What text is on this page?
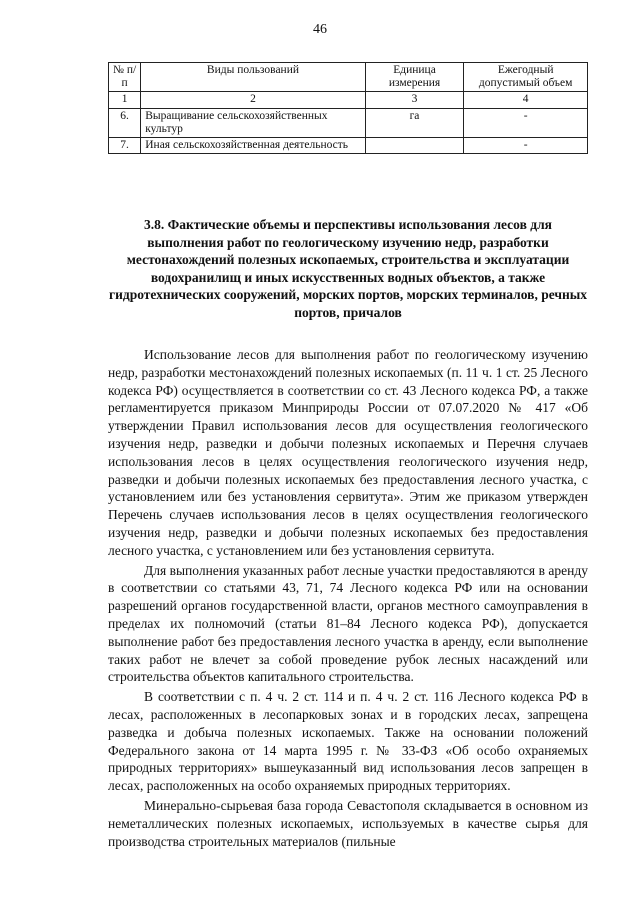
46
№ п/п	Виды пользований	Единица измерения	Ежегодный допустимый объем
1	2	3	4
6.	Выращивание сельскохозяйственных культур	га	-
7.	Иная сельскохозяйственная деятельность		-
3.8. Фактические объемы и перспективы использования лесов для выполнения работ по геологическому изучению недр, разработки местонахождений полезных ископаемых, строительства и эксплуатации водохранилищ и иных искусственных водных объектов, а также гидротехнических сооружений, морских портов, морских терминалов, речных портов, причалов

Использование лесов для выполнения работ по геологическому изучению недр, разработки местонахождений полезных ископаемых (п. 11 ч. 1 ст. 25 Лесного кодекса РФ) осуществляется в соответствии со ст. 43 Лесного кодекса РФ, а также регламентируется приказом Минприроды России от 07.07.2020 № 417 «Об утверждении Правил использования лесов для осуществления геологического изучения недр, разведки и добычи полезных ископаемых и Перечня случаев использования лесов в целях осуществления геологического изучения недр, разведки и добычи полезных ископаемых без предоставления лесного участка, с установлением или без установления сервитута». Этим же приказом утвержден Перечень случаев использования лесов в целях осуществления геологического изучения недр, разведки и добычи полезных ископаемых без предоставления лесного участка, с установлением или без установления сервитута.

Для выполнения указанных работ лесные участки предоставляются в аренду в соответствии со статьями 43, 71, 74 Лесного кодекса РФ или на основании разрешений органов государственной власти, органов местного самоуправления в пределах их полномочий (статьи 81–84 Лесного кодекса РФ), допускается выполнение работ без предоставления лесного участка в аренду, если выполнение таких работ не влечет за собой проведение рубок лесных насаждений или строительства объектов капитального строительства.

В соответствии с п. 4 ч. 2 ст. 114 и п. 4 ч. 2 ст. 116 Лесного кодекса РФ в лесах, расположенных в лесопарковых зонах и в городских лесах, запрещена разведка и добыча полезных ископаемых. Также на основании положений Федерального закона от 14 марта 1995 г. № 33-ФЗ «Об особо охраняемых природных территориях» вышеуказанный вид использования лесов запрещен в лесах, расположенных на особо охраняемых природных территориях.

Минерально-сырьевая база города Севастополя складывается в основном из неметаллических полезных ископаемых, используемых в качестве сырья для производства строительных материалов (пильные
